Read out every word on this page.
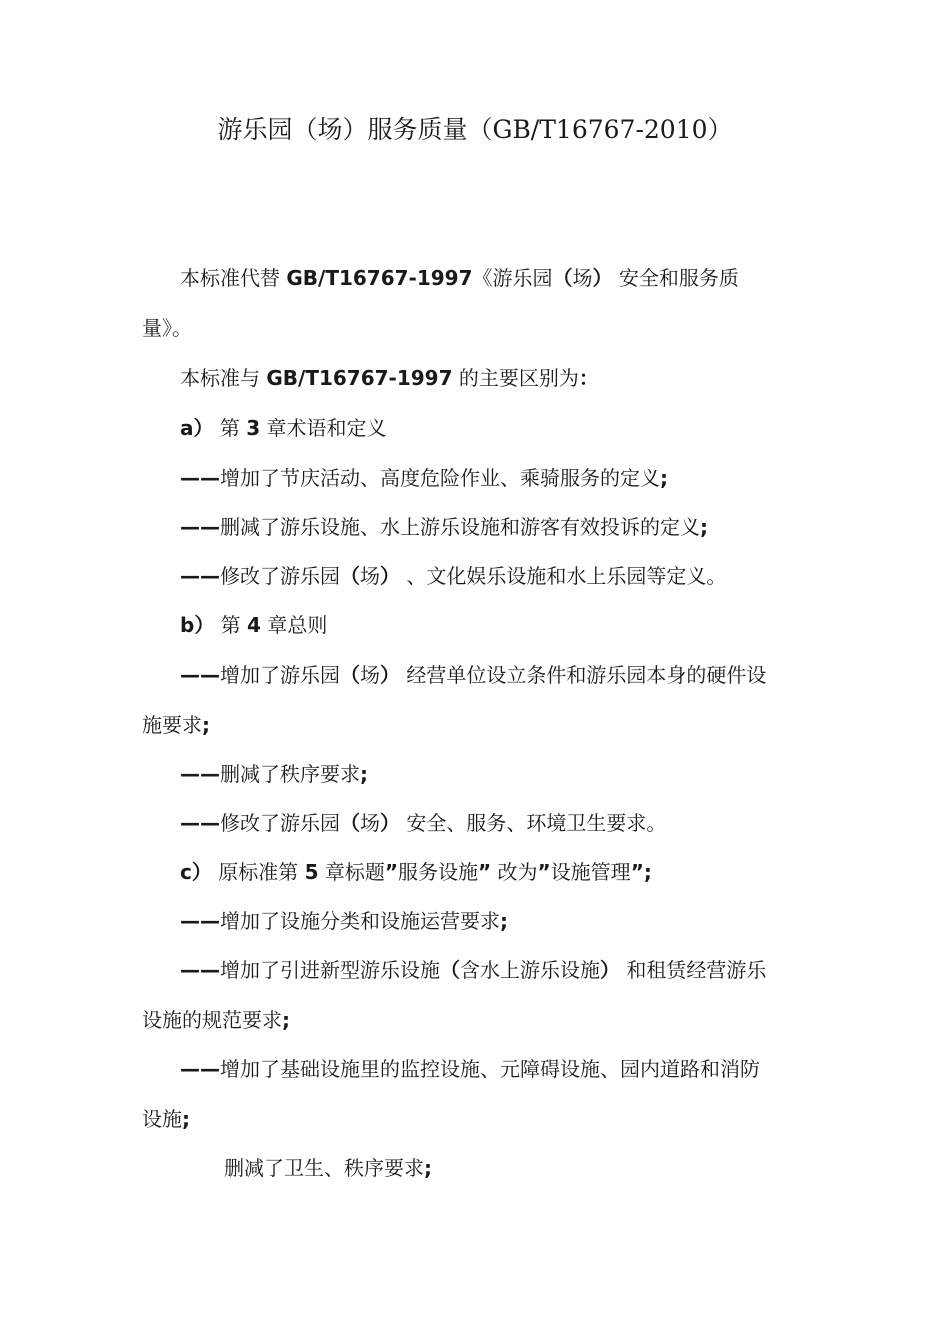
游乐园（场）服务质量（GB/T16767-2010）
本标准代替 GB/T16767-1997《游乐园（场） 安全和服务质
量》。
本标准与 GB/T16767-1997 的主要区别为：
a） 第 3 章术语和定义
——增加了节庆活动、高度危险作业、乘骑服务的定义;
——删减了游乐设施、水上游乐设施和游客有效投诉的定义;
——修改了游乐园（场） 、文化娱乐设施和水上乐园等定义。
b） 第 4 章总则
——增加了游乐园（场） 经营单位设立条件和游乐园本身的硬件设
施要求;
——删减了秩序要求;
——修改了游乐园（场） 安全、服务、环境卫生要求。
c） 原标准第 5 章标题”服务设施” 改为”设施管理”;
——增加了设施分类和设施运营要求;
——增加了引进新型游乐设施（含水上游乐设施） 和租赁经营游乐
设施的规范要求;
——增加了基础设施里的监控设施、元障碍设施、园内道路和消防
设施;
删减了卫生、秩序要求;
